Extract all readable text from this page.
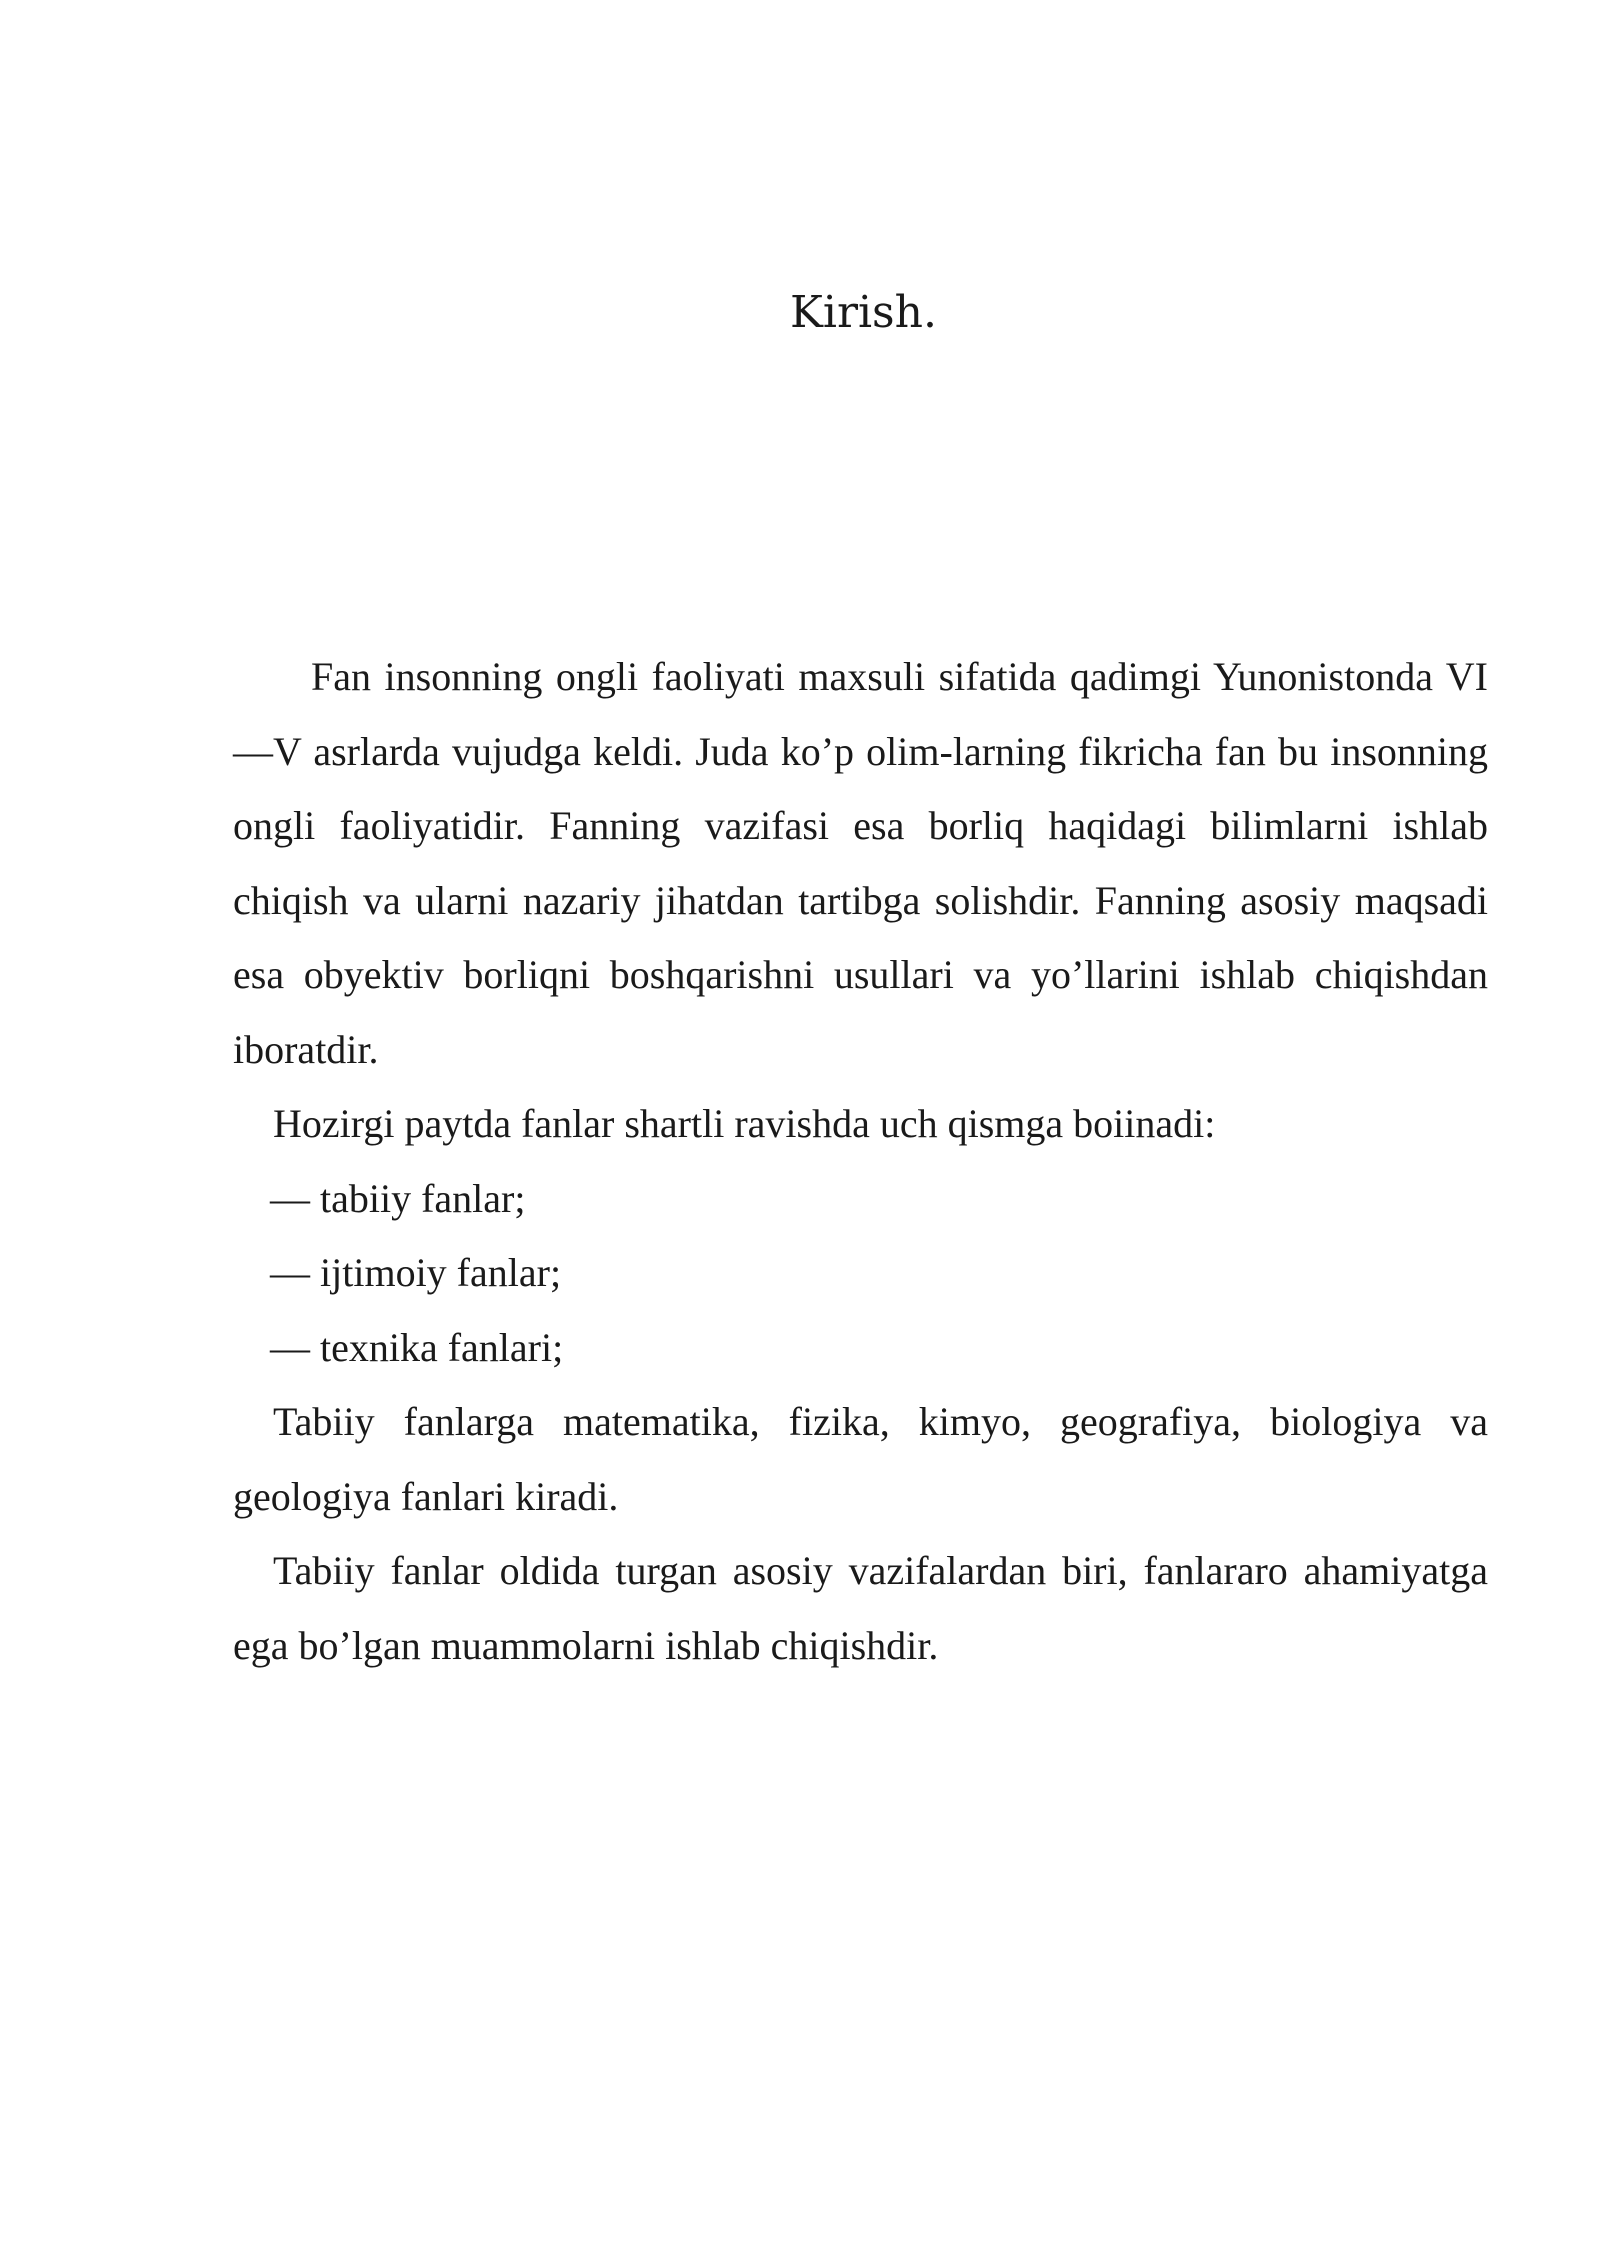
Kirish.

Fan insonning ongli faoliyati maxsuli sifatida qadimgi Yunonistonda VI—V asrlarda vujudga keldi. Juda ko’p olim-larning fikricha fan bu insonning ongli faoliyatidir. Fanning vazifasi esa borliq haqidagi bilimlarni ishlab chiqish va ularni nazariy jihatdan tartibga solishdir. Fanning asosiy maqsadi esa obyektiv borliqni boshqarishni usullari va yo’llarini ishlab chiqishdan iboratdir.

Hozirgi paytda fanlar shartli ravishda uch qismga boiinadi:

— tabiiy fanlar;
— ijtimoiy fanlar;
— texnika fanlari;

Tabiiy fanlarga matematika, fizika, kimyo, geografiya, biologiya va geologiya fanlari kiradi.

Tabiiy fanlar oldida turgan asosiy vazifalardan biri, fanlararo ahamiyatga ega bo’lgan muammolarni ishlab chiqishdir.
